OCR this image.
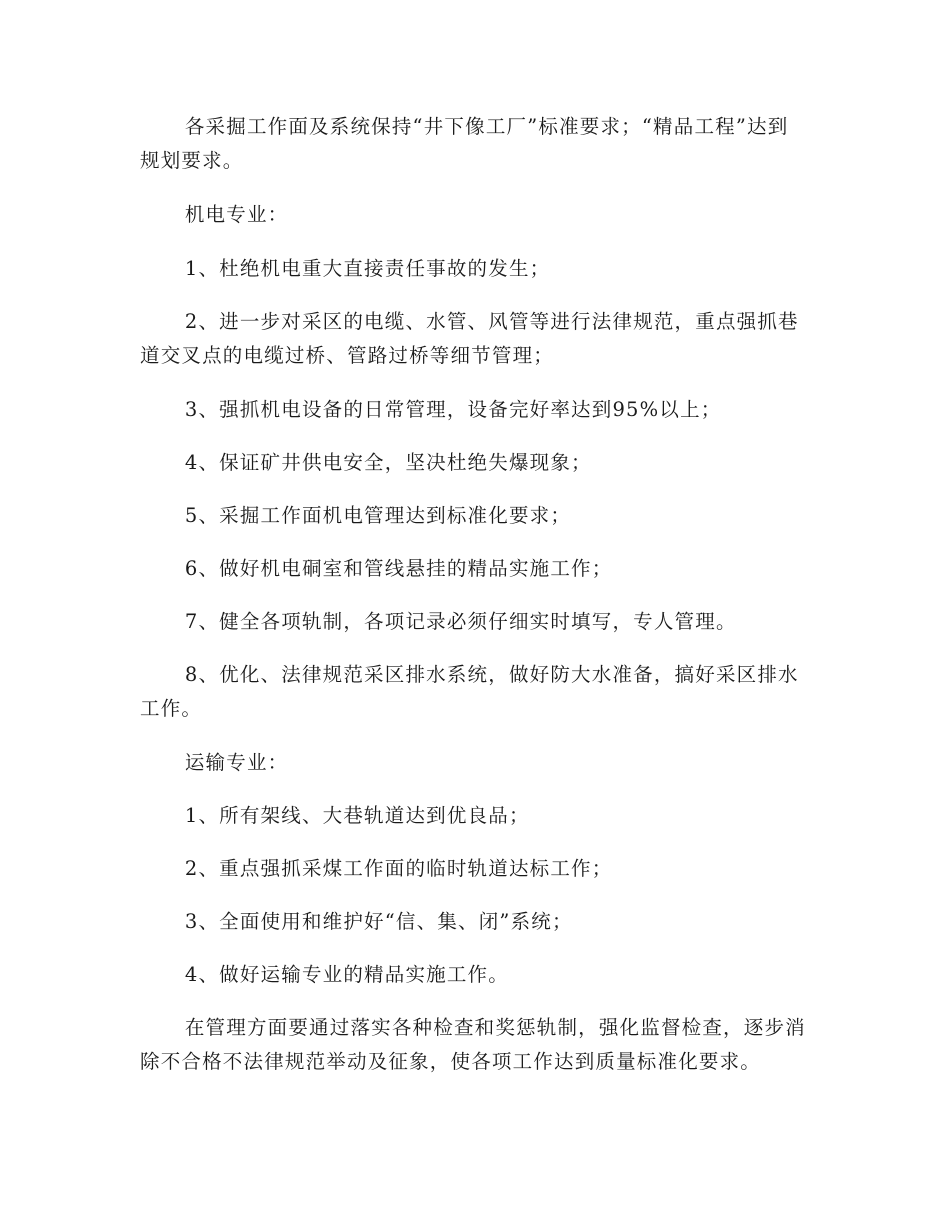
各采掘工作面及系统保持“井下像工厂”标准要求；“精品工程”达到规划要求。

机电专业：

1、杜绝机电重大直接责任事故的发生；

2、进一步对采区的电缆、水管、风管等进行法律规范，重点强抓巷道交叉点的电缆过桥、管路过桥等细节管理；

3、强抓机电设备的日常管理，设备完好率达到95%以上；

4、保证矿井供电安全，坚决杜绝失爆现象；

5、采掘工作面机电管理达到标准化要求；

6、做好机电硐室和管线悬挂的精品实施工作；

7、健全各项轨制，各项记录必须仔细实时填写，专人管理。

8、优化、法律规范采区排水系统，做好防大水准备，搞好采区排水工作。

运输专业：

1、所有架线、大巷轨道达到优良品；

2、重点强抓采煤工作面的临时轨道达标工作；

3、全面使用和维护好“信、集、闭”系统；

4、做好运输专业的精品实施工作。

在管理方面要通过落实各种检查和奖惩轨制，强化监督检查，逐步消除不合格不法律规范举动及征象，使各项工作达到质量标准化要求。
